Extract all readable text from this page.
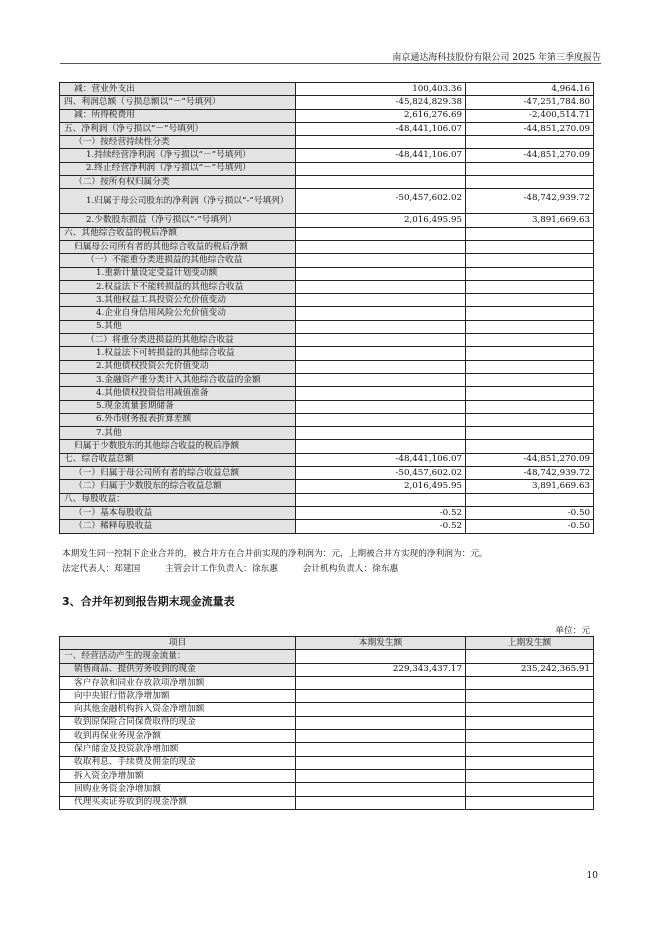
南京通达海科技股份有限公司 2025 年第三季度报告
减：营业外支出	100,403.36	4,964.16
四、利润总额（亏损总额以“－”号填列）	-45,824,829.38	-47,251,784.80
减：所得税费用	2,616,276.69	-2,400,514.71
五、净利润（净亏损以“－”号填列）	-48,441,106.07	-44,851,270.09
（一）按经营持续性分类		
1.持续经营净利润（净亏损以“－”号填列）	-48,441,106.07	-44,851,270.09
2.终止经营净利润（净亏损以“－”号填列）		
（二）按所有权归属分类		
1.归属于母公司股东的净利润（净亏损以“-”号填列）	-50,457,602.02	-48,742,939.72
2.少数股东损益（净亏损以“-”号填列）	2,016,495.95	3,891,669.63
六、其他综合收益的税后净额		
归属母公司所有者的其他综合收益的税后净额		
（一）不能重分类进损益的其他综合收益		
1.重新计量设定受益计划变动额		
2.权益法下不能转损益的其他综合收益		
3.其他权益工具投资公允价值变动		
4.企业自身信用风险公允价值变动		
5.其他		
（二）将重分类进损益的其他综合收益		
1.权益法下可转损益的其他综合收益		
2.其他债权投资公允价值变动		
3.金融资产重分类计入其他综合收益的金额		
4.其他债权投资信用减值准备		
5.现金流量套期储备		
6.外币财务报表折算差额		
7.其他		
归属于少数股东的其他综合收益的税后净额		
七、综合收益总额	-48,441,106.07	-44,851,270.09
（一）归属于母公司所有者的综合收益总额	-50,457,602.02	-48,742,939.72
（二）归属于少数股东的综合收益总额	2,016,495.95	3,891,669.63
八、每股收益：		
（一）基本每股收益	-0.52	-0.50
（二）稀释每股收益	-0.52	-0.50
本期发生同一控制下企业合并的，被合并方在合并前实现的净利润为：元，上期被合并方实现的净利润为：元。
法定代表人：郑建国	主管会计工作负责人：徐东惠	会计机构负责人：徐东惠
3、合并年初到报告期末现金流量表
单位：元
项目	本期发生额	上期发生额
一、经营活动产生的现金流量：		
销售商品、提供劳务收到的现金	229,343,437.17	235,242,365.91
客户存款和同业存放款项净增加额		
向中央银行借款净增加额		
向其他金融机构拆入资金净增加额		
收到原保险合同保费取得的现金		
收到再保业务现金净额		
保户储金及投资款净增加额		
收取利息、手续费及佣金的现金		
拆入资金净增加额		
回购业务资金净增加额		
代理买卖证券收到的现金净额		
10
